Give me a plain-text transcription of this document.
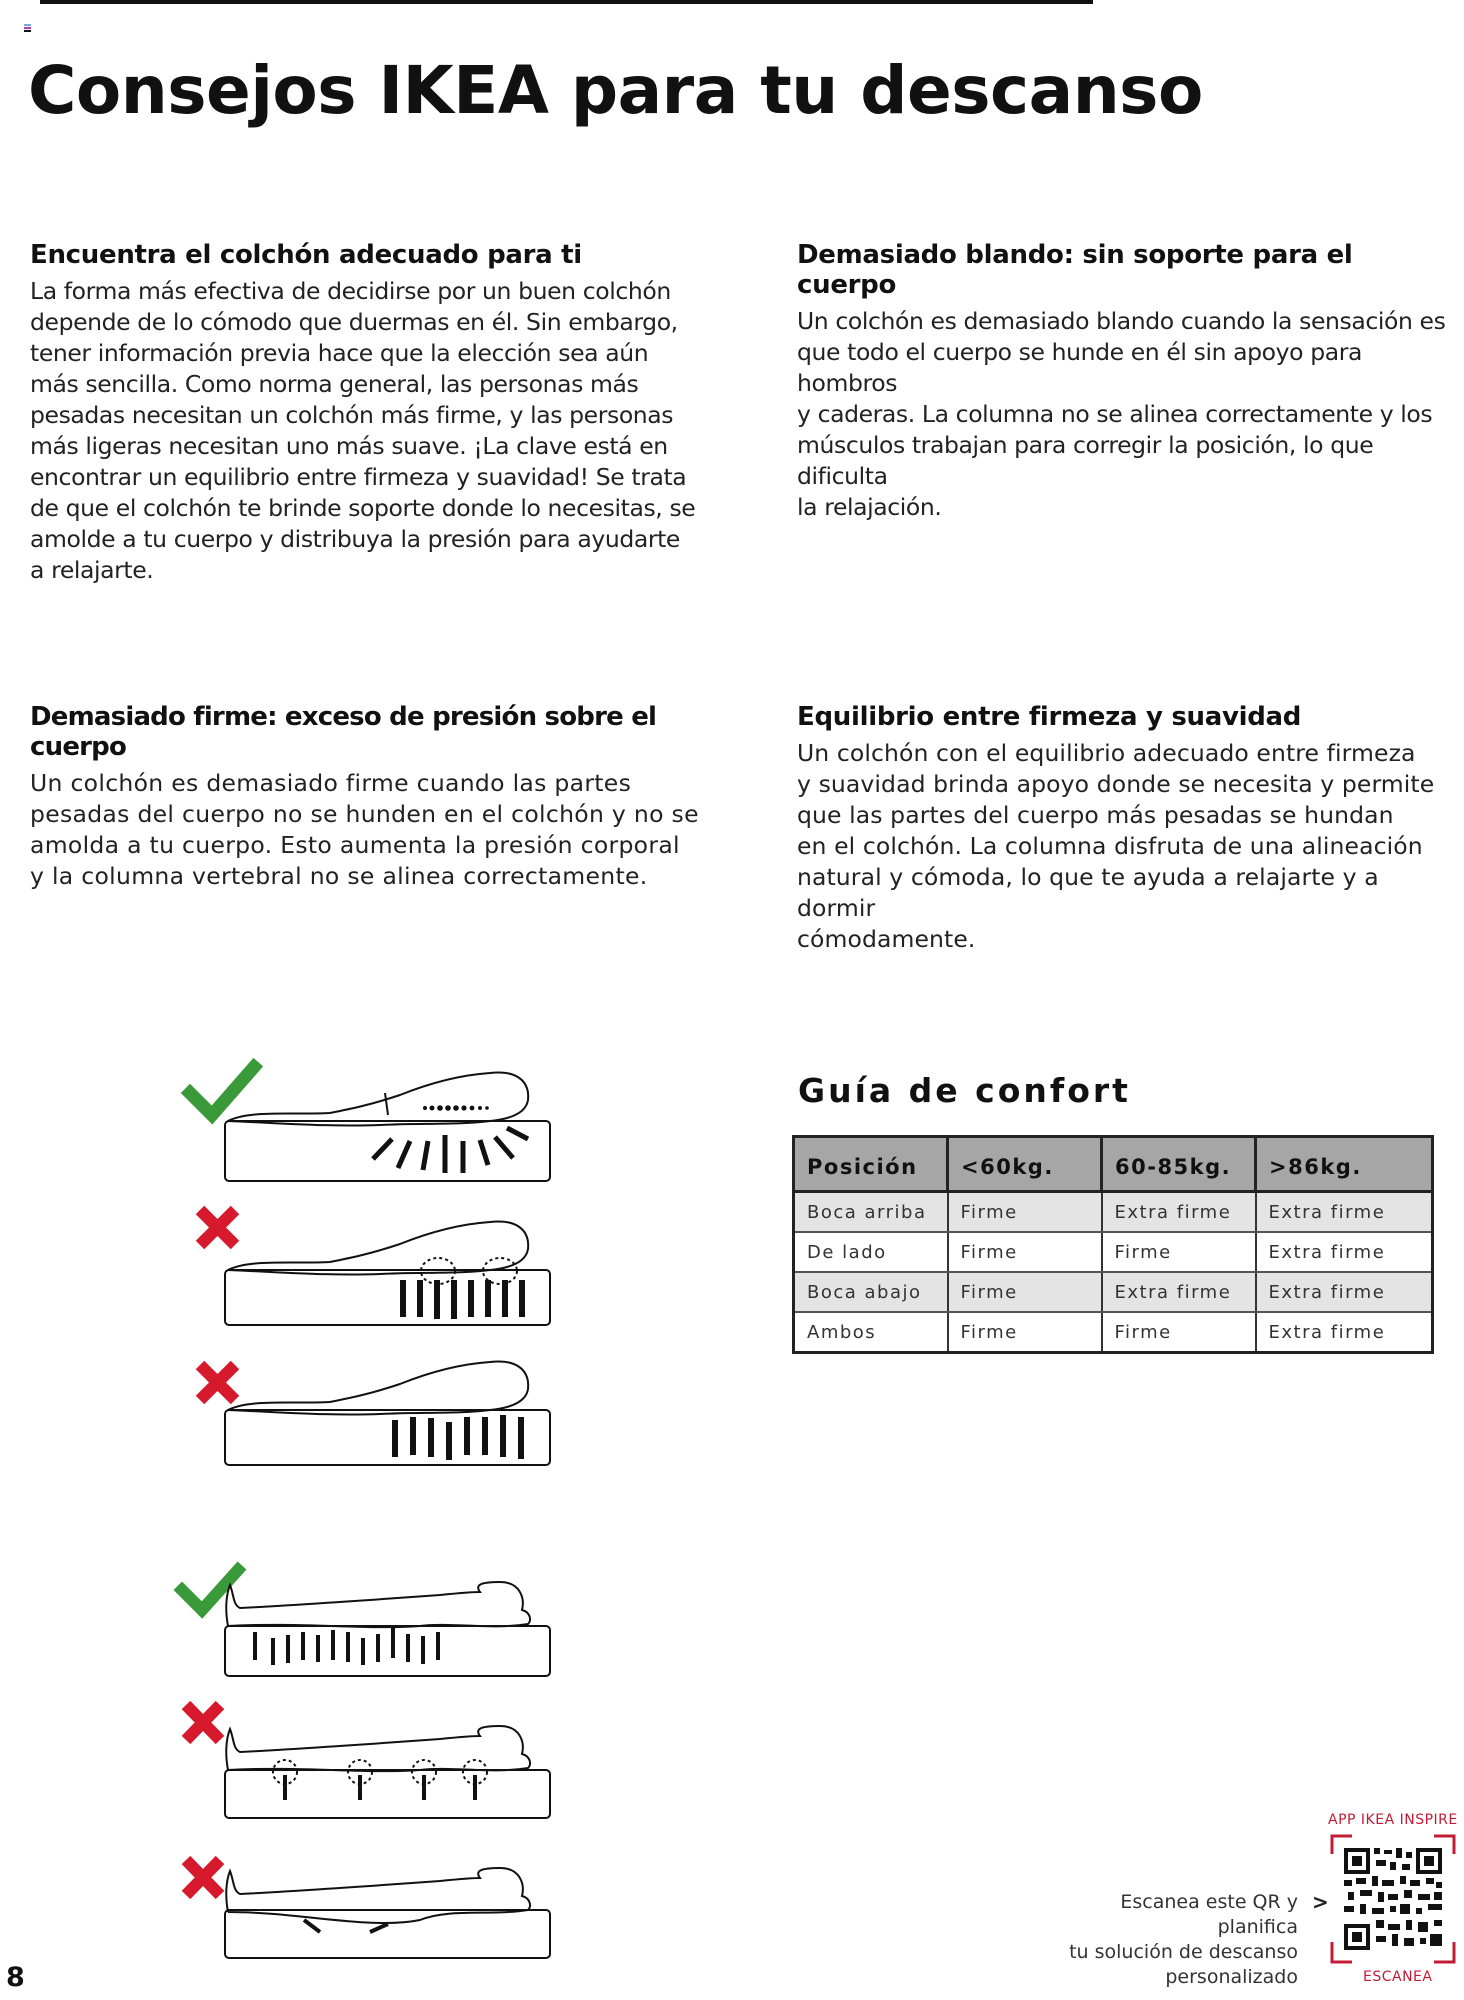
Consejos IKEA para tu descanso
Encuentra el colchón adecuado para ti

La forma más efectiva de decidirse por un buen colchón
depende de lo cómodo que duermas en él. Sin embargo,
tener información previa hace que la elección sea aún
más sencilla. Como norma general, las personas más
pesadas necesitan un colchón más firme, y las personas
más ligeras necesitan uno más suave. ¡La clave está en
encontrar un equilibrio entre firmeza y suavidad! Se trata
de que el colchón te brinde soporte donde lo necesitas, se
amolde a tu cuerpo y distribuya la presión para ayudarte
a relajarte.

Demasiado blando: sin soporte para el cuerpo

Un colchón es demasiado blando cuando la sensación es
que todo el cuerpo se hunde en él sin apoyo para hombros
y caderas. La columna no se alinea correctamente y los
músculos trabajan para corregir la posición, lo que dificulta
la relajación.

Demasiado firme: exceso de presión sobre el cuerpo

Un colchón es demasiado firme cuando las partes
pesadas del cuerpo no se hunden en el colchón y no se
amolda a tu cuerpo. Esto aumenta la presión corporal
y la columna vertebral no se alinea correctamente.

Equilibrio entre firmeza y suavidad

Un colchón con el equilibrio adecuado entre firmeza
y suavidad brinda apoyo donde se necesita y permite
que las partes del cuerpo más pesadas se hundan
en el colchón. La columna disfruta de una alineación
natural y cómoda, lo que te ayuda a relajarte y a dormir
cómodamente.

Guía de confort
Posición	<60kg.	60-85kg.	>86kg.
Boca arriba	Firme	Extra firme	Extra firme
De lado	Firme	Firme	Extra firme
Boca abajo	Firme	Extra firme	Extra firme
Ambos	Firme	Firme	Extra firme
Escanea este QR y planifica
tu solución de descanso
personalizado
>
APP IKEA INSPIRE
ESCANEA
8
